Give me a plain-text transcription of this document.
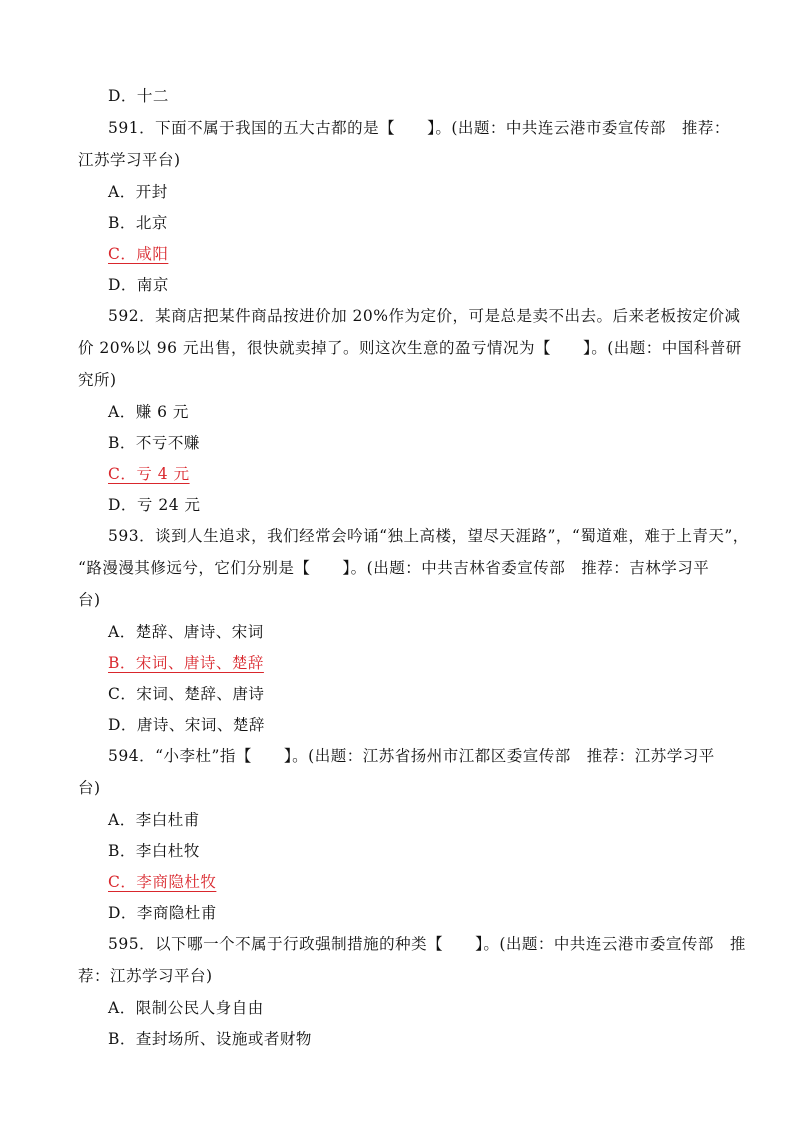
D．十二
591．下面不属于我国的五大古都的是【　　】。(出题：中共连云港市委宣传部　推荐：
江苏学习平台)
A．开封
B．北京
C．咸阳
D．南京
592．某商店把某件商品按进价加 20%作为定价，可是总是卖不出去。后来老板按定价减
价 20%以 96 元出售，很快就卖掉了。则这次生意的盈亏情况为【　　】。(出题：中国科普研
究所)
A．赚 6 元
B．不亏不赚
C．亏 4 元
D．亏 24 元
593．谈到人生追求，我们经常会吟诵“独上高楼，望尽天涯路”，“蜀道难，难于上青天”，
“路漫漫其修远兮，它们分别是【　　】。(出题：中共吉林省委宣传部　推荐：吉林学习平
台)
A．楚辞、唐诗、宋词
B．宋词、唐诗、楚辞
C．宋词、楚辞、唐诗
D．唐诗、宋词、楚辞
594．“小李杜”指【　　】。(出题：江苏省扬州市江都区委宣传部　推荐：江苏学习平
台)
A．李白杜甫
B．李白杜牧
C．李商隐杜牧
D．李商隐杜甫
595．以下哪一个不属于行政强制措施的种类【　　】。(出题：中共连云港市委宣传部　推
荐：江苏学习平台)
A．限制公民人身自由
B．查封场所、设施或者财物
